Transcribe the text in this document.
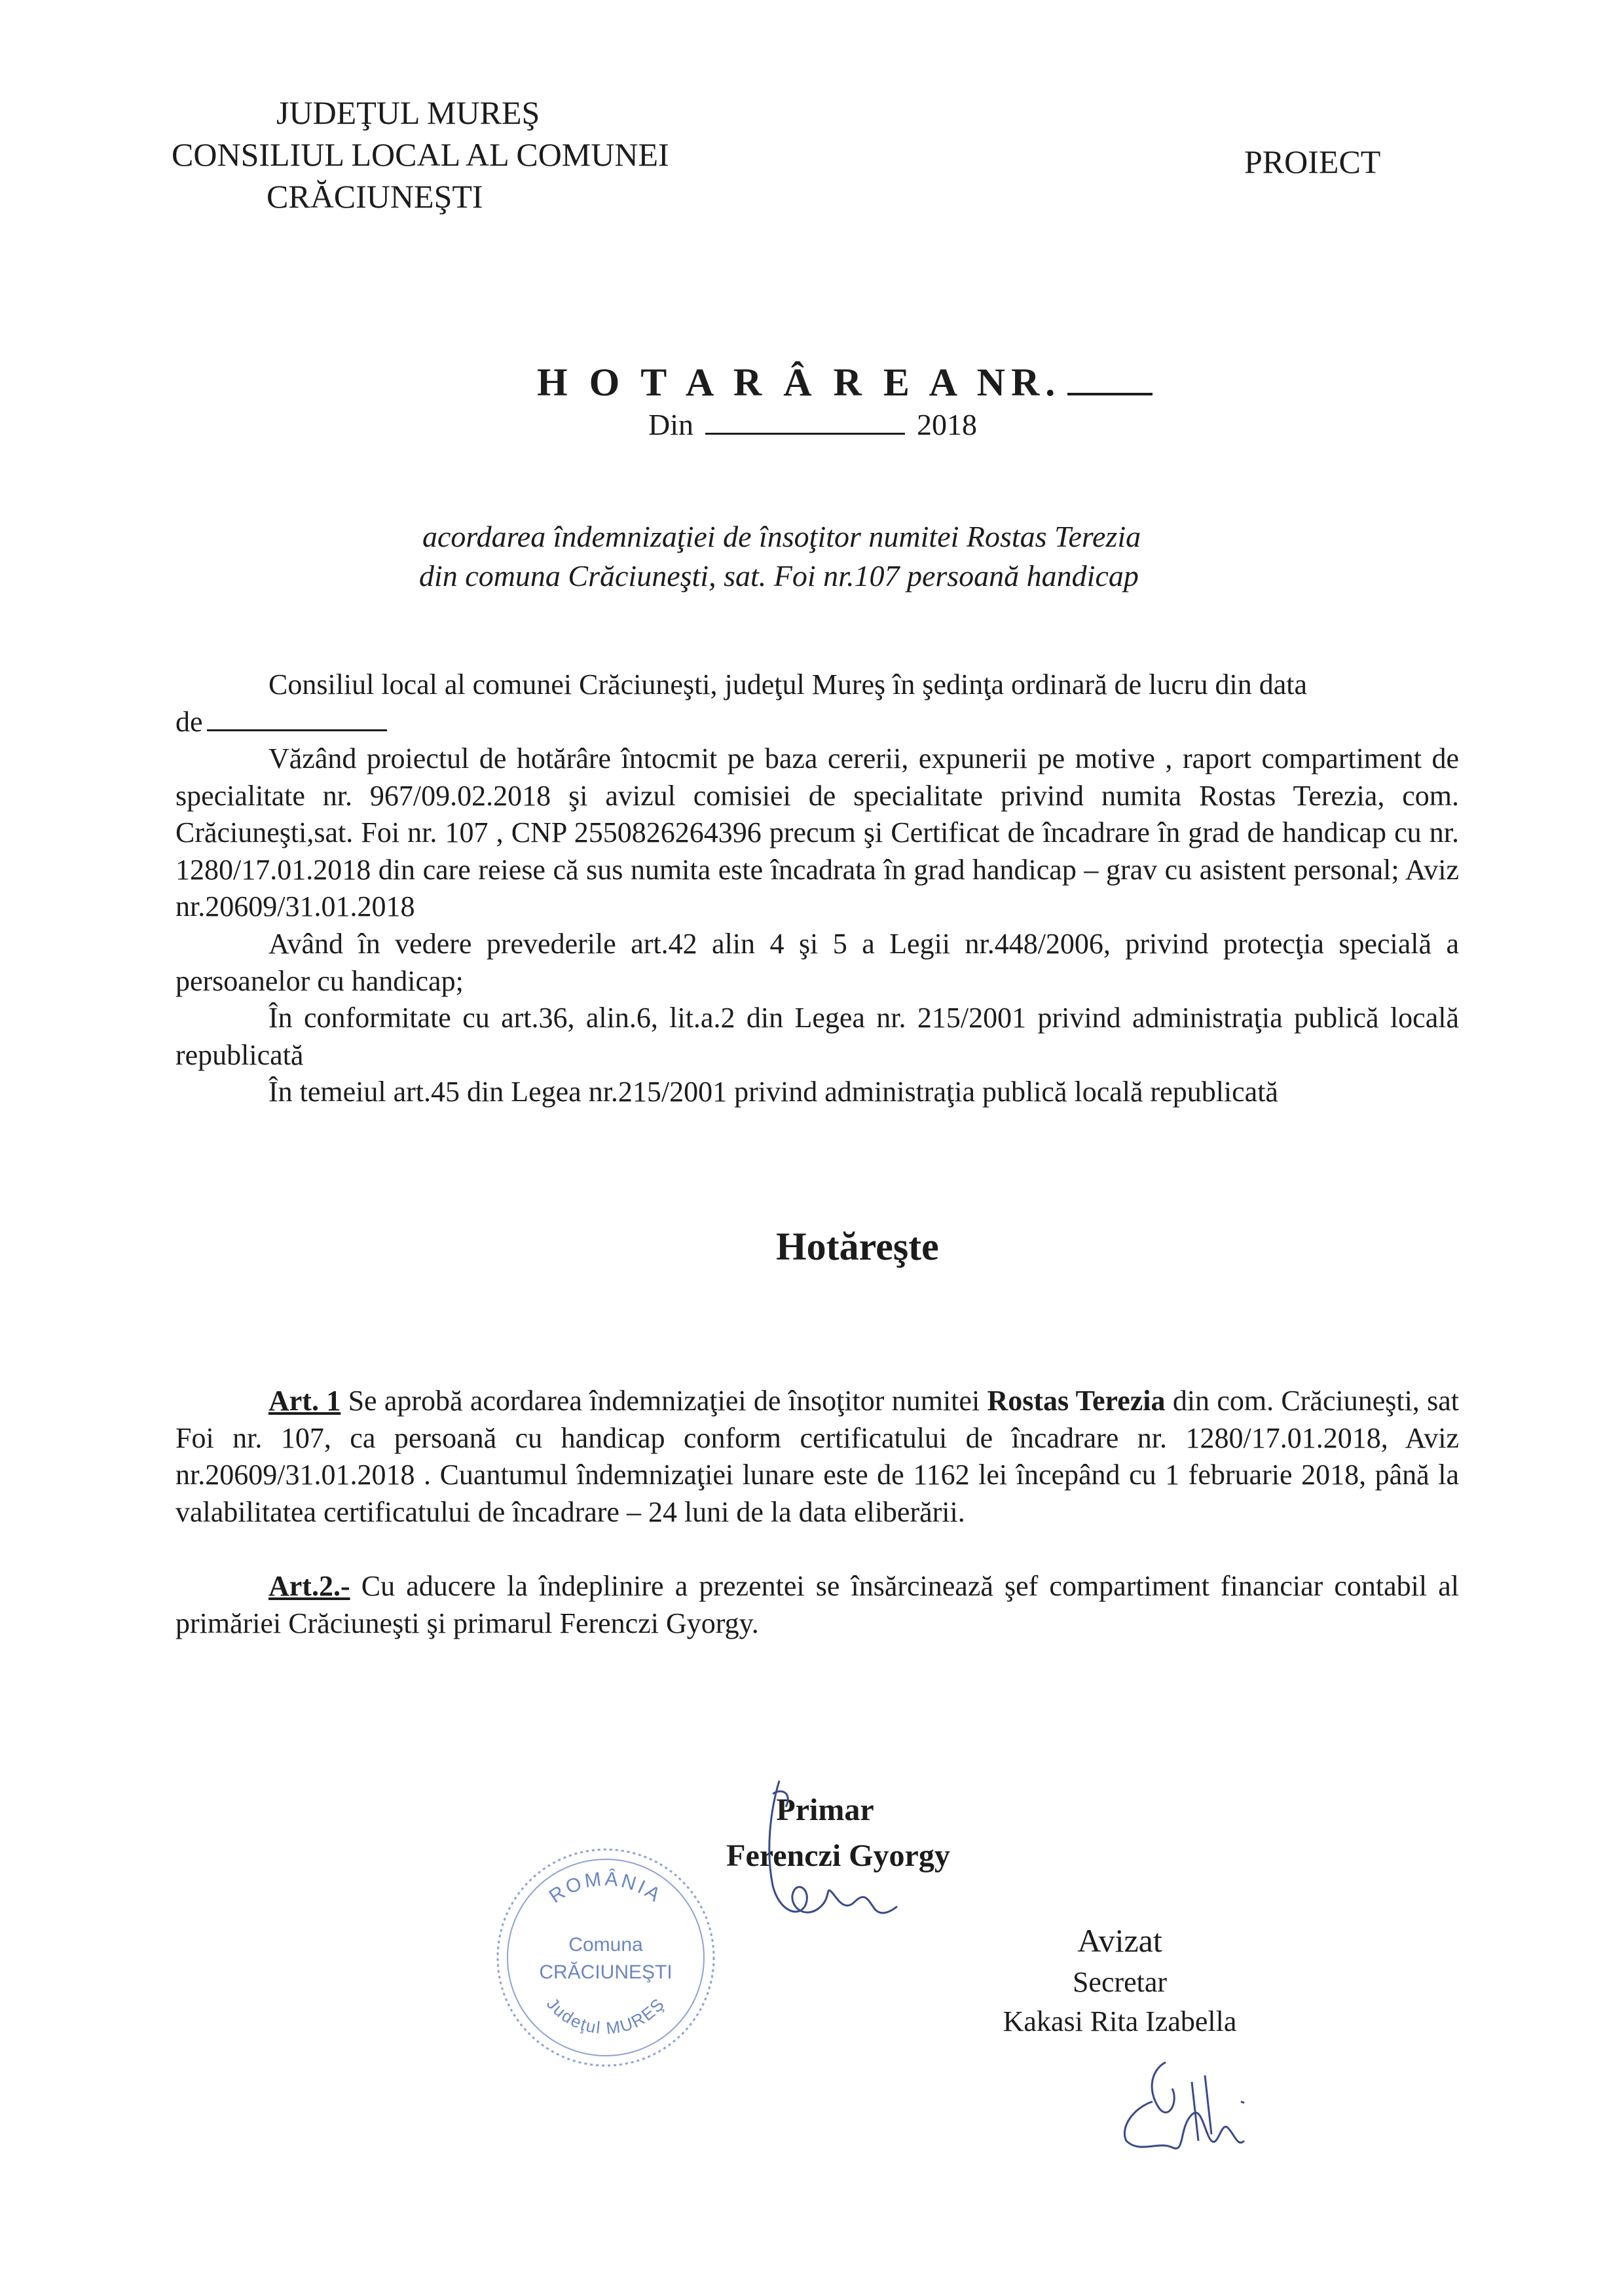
JUDEŢUL MUREŞ
CONSILIUL LOCAL AL COMUNEI
CRĂCIUNEŞTI
PROIECT
H O T A R Â R E A NR.
Din	2018
acordarea îndemnizaţiei de însoţitor numitei Rostas Terezia
din comuna Crăciuneşti, sat. Foi nr.107 persoană handicap
Consiliul local al comunei Crăciuneşti, judeţul Mureş în şedinţa ordinară de lucru din data
de
Văzând proiectul de hotărâre întocmit pe baza cererii, expunerii pe motive , raport compartiment de specialitate nr. 967/09.02.2018 şi avizul comisiei de specialitate privind numita Rostas Terezia, com. Crăciuneşti,sat. Foi nr. 107 , CNP 2550826264396 precum şi Certificat de încadrare în grad de handicap cu nr. 1280/17.01.2018 din care reiese că sus numita este încadrata în grad handicap – grav cu asistent personal; Aviz nr.20609/31.01.2018
Având în vedere prevederile art.42 alin 4 şi 5 a Legii nr.448/2006, privind protecţia specială a persoanelor cu handicap;
În conformitate cu art.36, alin.6, lit.a.2 din Legea nr. 215/2001 privind administraţia publică locală republicată
În temeiul art.45 din Legea nr.215/2001 privind administraţia publică locală republicată
Hotăreşte
Art. 1 Se aprobă acordarea îndemnizaţiei de însoţitor numitei Rostas Terezia din com. Crăciuneşti, sat Foi nr. 107, ca persoană cu handicap conform certificatului de încadrare nr. 1280/17.01.2018, Aviz nr.20609/31.01.2018 . Cuantumul îndemnizaţiei lunare este de 1162 lei începând cu 1 februarie 2018, până la valabilitatea certificatului de încadrare – 24 luni de la data eliberării.
Art.2.- Cu aducere la îndeplinire a prezentei se însărcinează şef compartiment financiar contabil al primăriei Crăciuneşti şi primarul Ferenczi Gyorgy.
ROMÂNIA
Comuna
CRĂCIUNEŞTI
Judeţul MUREŞ
Primar
Ferenczi Gyorgy
Avizat
Secretar
Kakasi Rita Izabella
